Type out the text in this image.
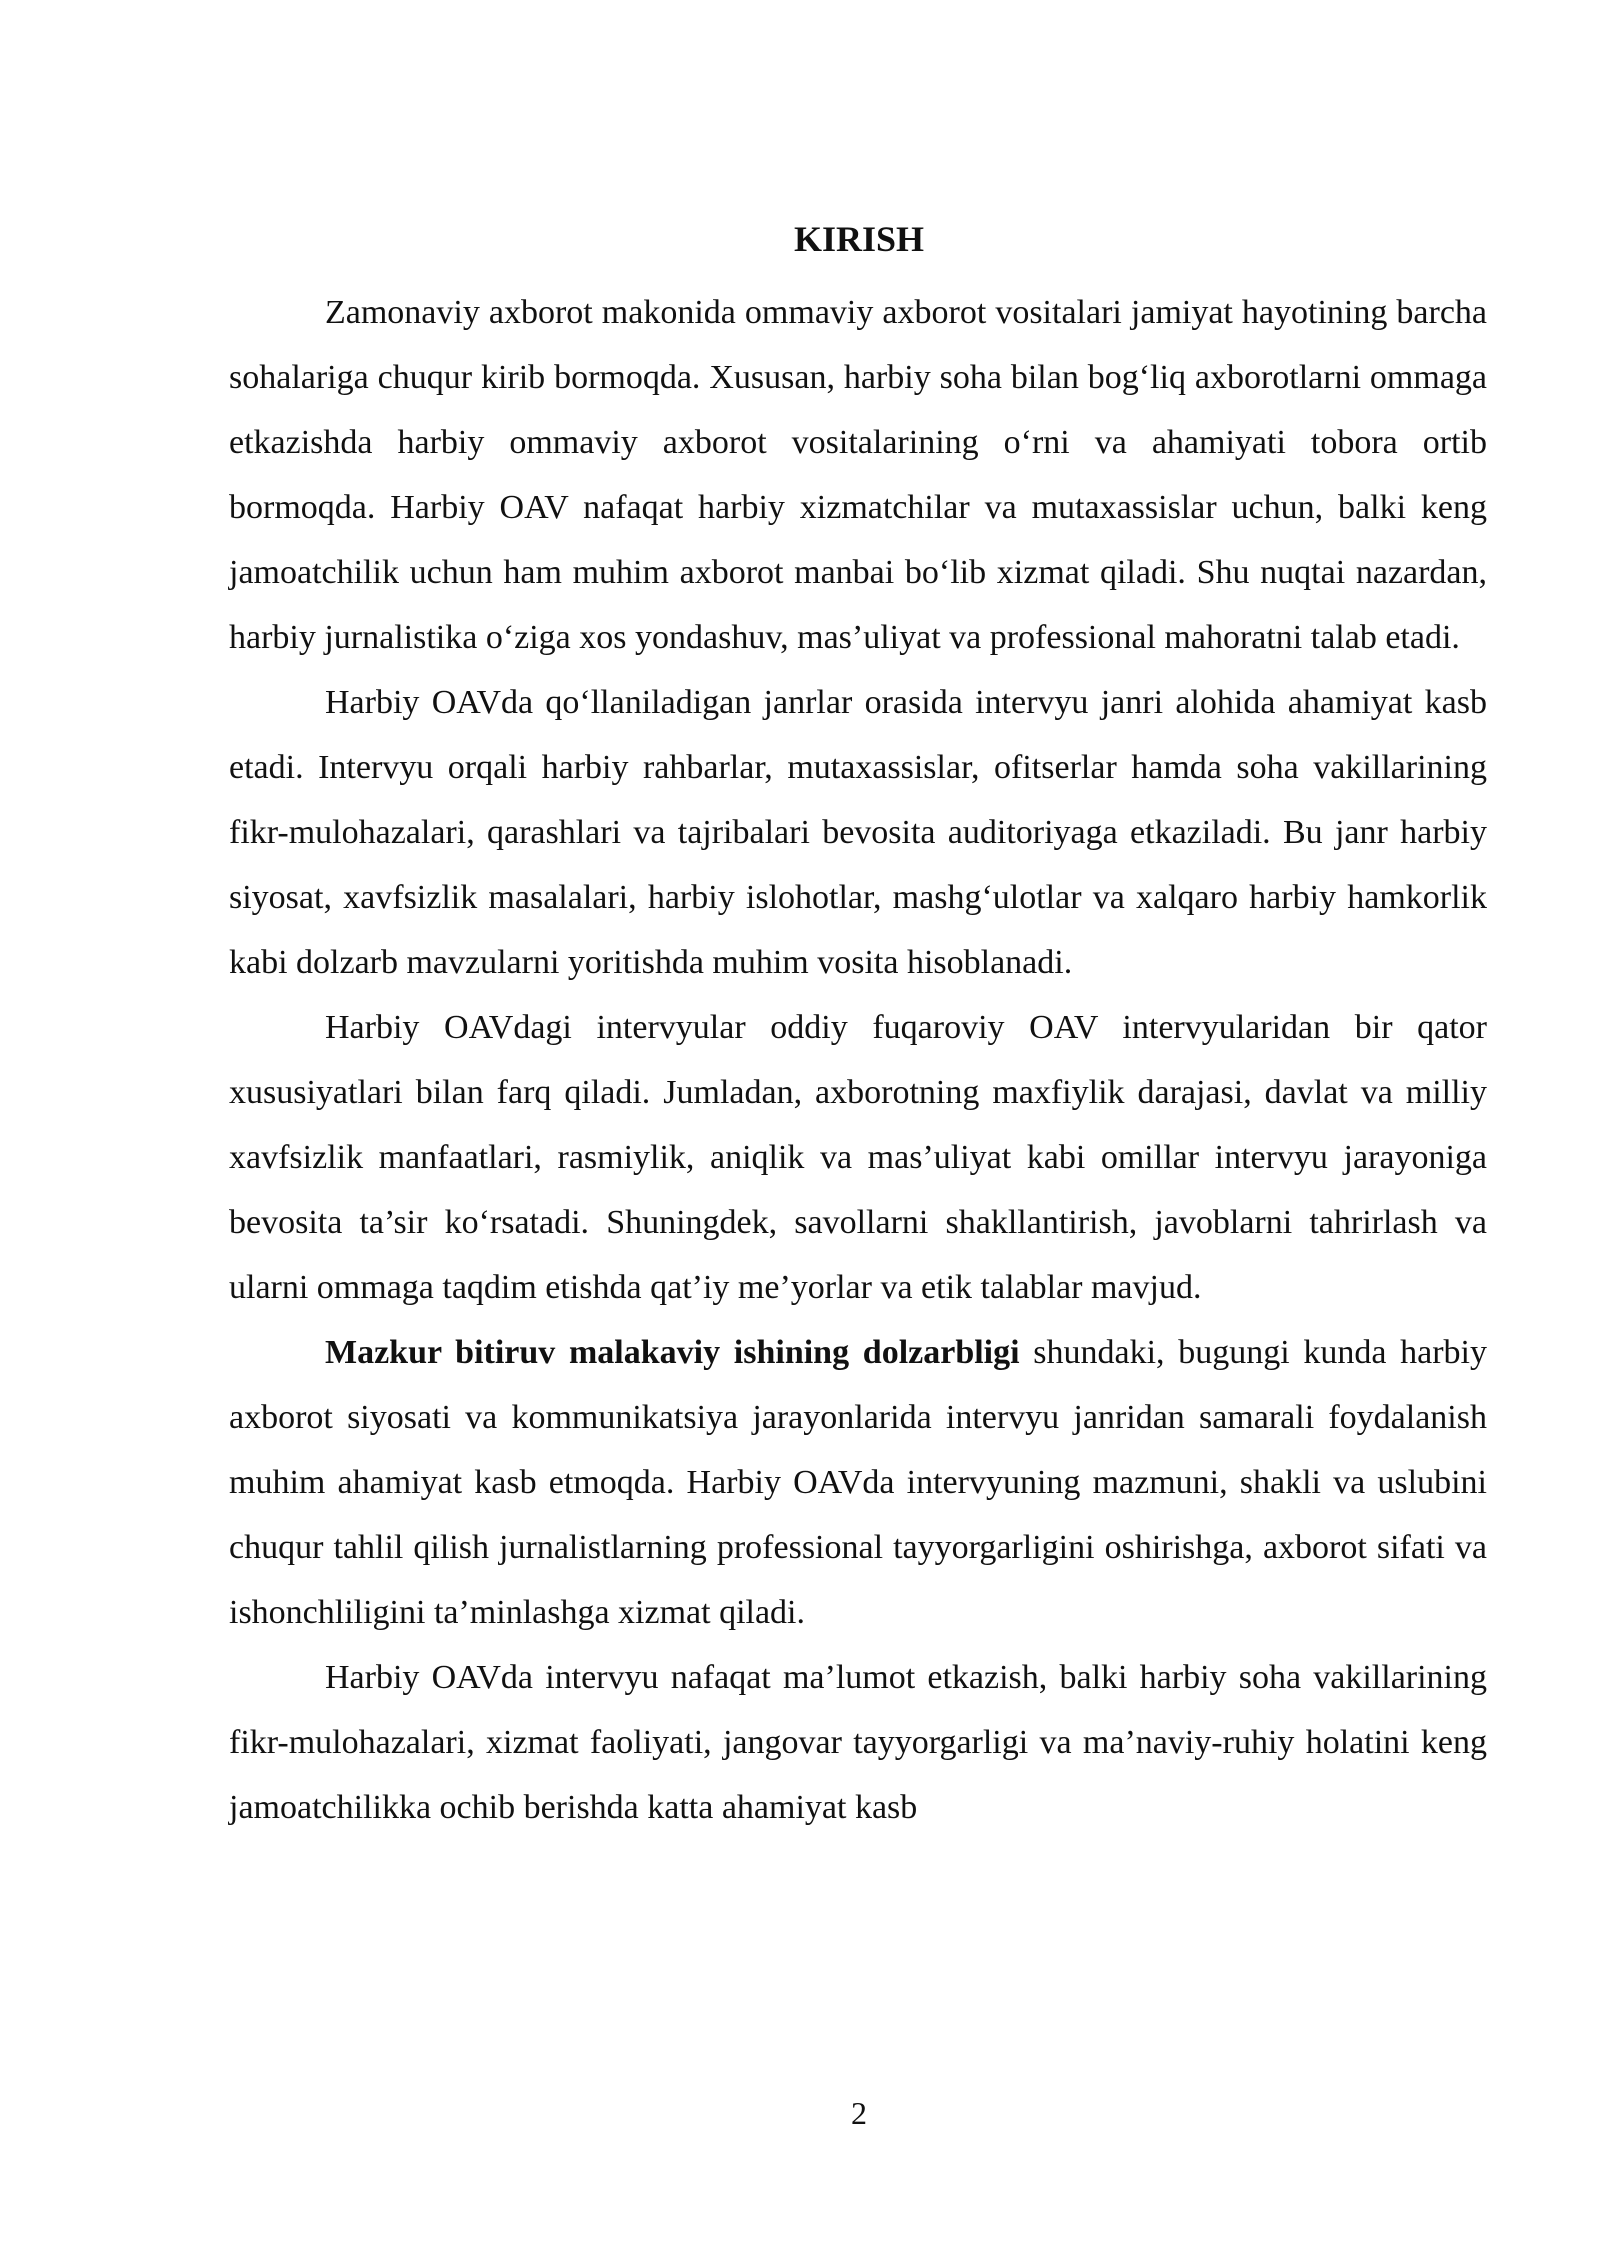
KIRISH

Zamonaviy axborot makonida ommaviy axborot vositalari jamiyat hayotining barcha sohalariga chuqur kirib bormoqda. Xususan, harbiy soha bilan bog‘liq axborotlarni ommaga etkazishda harbiy ommaviy axborot vositalarining o‘rni va ahamiyati tobora ortib bormoqda. Harbiy OAV nafaqat harbiy xizmatchilar va mutaxassislar uchun, balki keng jamoatchilik uchun ham muhim axborot manbai bo‘lib xizmat qiladi. Shu nuqtai nazardan, harbiy jurnalistika o‘ziga xos yondashuv, mas’uliyat va professional mahoratni talab etadi.

Harbiy OAVda qo‘llaniladigan janrlar orasida intervyu janri alohida ahamiyat kasb etadi. Intervyu orqali harbiy rahbarlar, mutaxassislar, ofitserlar hamda soha vakillarining fikr-mulohazalari, qarashlari va tajribalari bevosita auditoriyaga etkaziladi. Bu janr harbiy siyosat, xavfsizlik masalalari, harbiy islohotlar, mashg‘ulotlar va xalqaro harbiy hamkorlik kabi dolzarb mavzularni yoritishda muhim vosita hisoblanadi.

Harbiy OAVdagi intervyular oddiy fuqaroviy OAV intervyularidan bir qator xususiyatlari bilan farq qiladi. Jumladan, axborotning maxfiylik darajasi, davlat va milliy xavfsizlik manfaatlari, rasmiylik, aniqlik va mas’uliyat kabi omillar intervyu jarayoniga bevosita ta’sir ko‘rsatadi. Shuningdek, savollarni shakllantirish, javoblarni tahrirlash va ularni ommaga taqdim etishda qat’iy me’yorlar va etik talablar mavjud.

Mazkur bitiruv malakaviy ishining dolzarbligi shundaki, bugungi kunda harbiy axborot siyosati va kommunikatsiya jarayonlarida intervyu janridan samarali foydalanish muhim ahamiyat kasb etmoqda. Harbiy OAVda intervyuning mazmuni, shakli va uslubini chuqur tahlil qilish jurnalistlarning professional tayyorgarligini oshirishga, axborot sifati va ishonchliligini ta’minlashga xizmat qiladi.

Harbiy OAVda intervyu nafaqat ma’lumot etkazish, balki harbiy soha vakillarining fikr-mulohazalari, xizmat faoliyati, jangovar tayyorgarligi va ma’naviy-ruhiy holatini keng jamoatchilikka ochib berishda katta ahamiyat kasb

2
